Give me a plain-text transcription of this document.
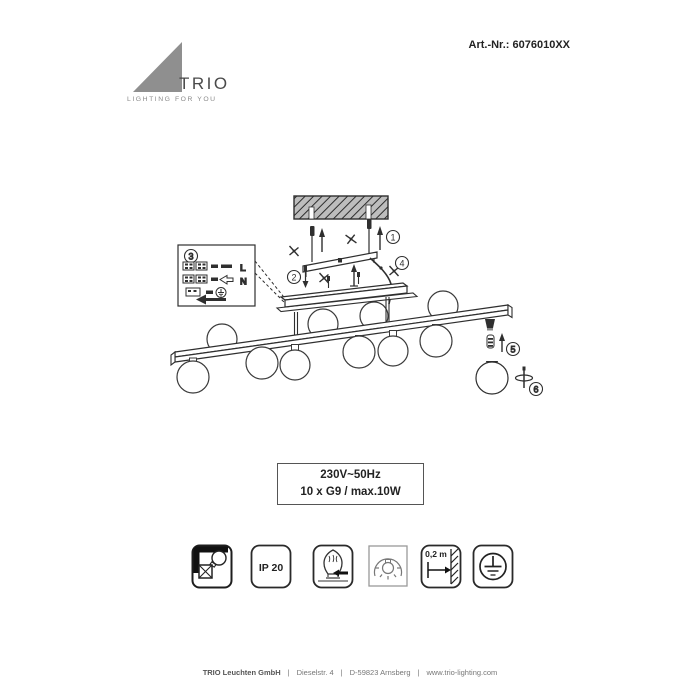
TRIO
LIGHTING FOR YOU
Art.-Nr.: 6076010XX
1
2
4
3
L
N
5
6
230V~50Hz
10 x G9 / max.10W
IP 20
0,2 m
TRIO Leuchten GmbH | Dieselstr. 4 | D-59823 Arnsberg | www.trio-lighting.com
